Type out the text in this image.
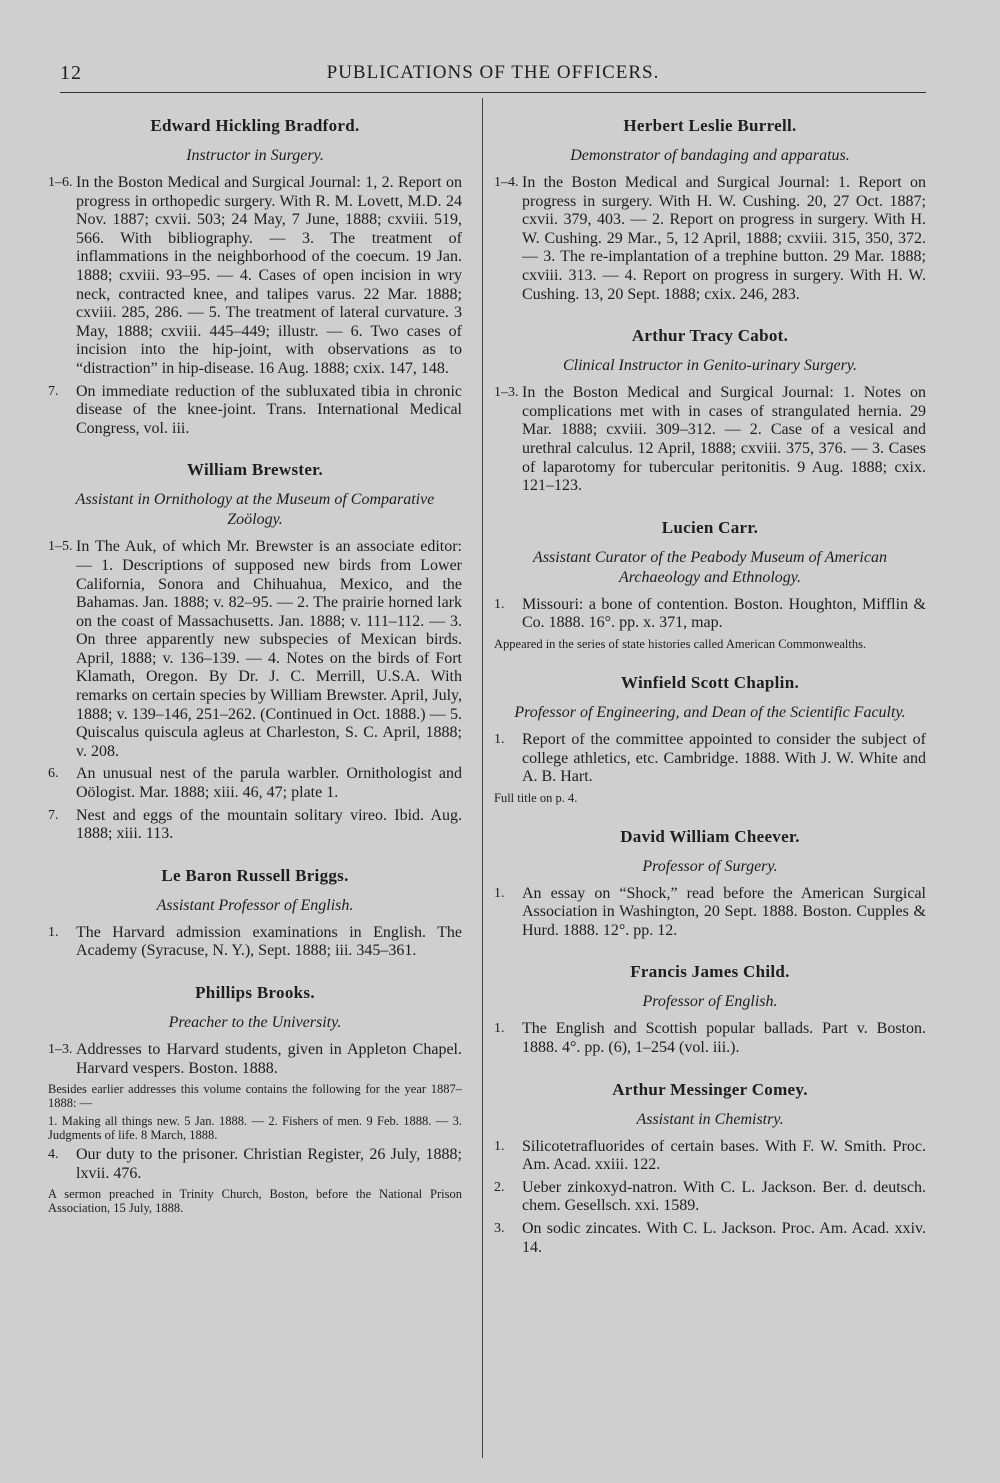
12	PUBLICATIONS OF THE OFFICERS.
Edward Hickling Bradford.
Instructor in Surgery.
1–6. In the Boston Medical and Surgical Journal: 1, 2. Report on progress in orthopedic surgery. With R. M. Lovett, M.D. 24 Nov. 1887; cxvii. 503; 24 May, 7 June, 1888; cxviii. 519, 566. With bibliography. — 3. The treatment of inflammations in the neighborhood of the coecum. 19 Jan. 1888; cxviii. 93–95. — 4. Cases of open incision in wry neck, contracted knee, and talipes varus. 22 Mar. 1888; cxviii. 285, 286. — 5. The treatment of lateral curvature. 3 May, 1888; cxviii. 445–449; illustr. — 6. Two cases of incision into the hip-joint, with observations as to “distraction” in hip-disease. 16 Aug. 1888; cxix. 147, 148.
7. On immediate reduction of the subluxated tibia in chronic disease of the knee-joint. Trans. International Medical Congress, vol. iii.
William Brewster.
Assistant in Ornithology at the Museum of Comparative Zoölogy.
1–5. In The Auk, of which Mr. Brewster is an associate editor: — 1. Descriptions of supposed new birds from Lower California, Sonora and Chihuahua, Mexico, and the Bahamas. Jan. 1888; v. 82–95. — 2. The prairie horned lark on the coast of Massachusetts. Jan. 1888; v. 111–112. — 3. On three apparently new subspecies of Mexican birds. April, 1888; v. 136–139. — 4. Notes on the birds of Fort Klamath, Oregon. By Dr. J. C. Merrill, U.S.A. With remarks on certain species by William Brewster. April, July, 1888; v. 139–146, 251–262. (Continued in Oct. 1888.) — 5. Quiscalus quiscula agleus at Charleston, S. C. April, 1888; v. 208.
6. An unusual nest of the parula warbler. Ornithologist and Oölogist. Mar. 1888; xiii. 46, 47; plate 1.
7. Nest and eggs of the mountain solitary vireo. Ibid. Aug. 1888; xiii. 113.
Le Baron Russell Briggs.
Assistant Professor of English.
1. The Harvard admission examinations in English. The Academy (Syracuse, N. Y.), Sept. 1888; iii. 345–361.
Phillips Brooks.
Preacher to the University.
1–3. Addresses to Harvard students, given in Appleton Chapel. Harvard vespers. Boston. 1888.
Besides earlier addresses this volume contains the following for the year 1887–1888: —
1. Making all things new. 5 Jan. 1888. — 2. Fishers of men. 9 Feb. 1888. — 3. Judgments of life. 8 March, 1888.
4. Our duty to the prisoner. Christian Register, 26 July, 1888; lxvii. 476.
A sermon preached in Trinity Church, Boston, before the National Prison Association, 15 July, 1888.
Herbert Leslie Burrell.
Demonstrator of bandaging and apparatus.
1–4. In the Boston Medical and Surgical Journal: 1. Report on progress in surgery. With H. W. Cushing. 20, 27 Oct. 1887; cxvii. 379, 403. — 2. Report on progress in surgery. With H. W. Cushing. 29 Mar., 5, 12 April, 1888; cxviii. 315, 350, 372. — 3. The re-implantation of a trephine button. 29 Mar. 1888; cxviii. 313. — 4. Report on progress in surgery. With H. W. Cushing. 13, 20 Sept. 1888; cxix. 246, 283.
Arthur Tracy Cabot.
Clinical Instructor in Genito-urinary Surgery.
1–3. In the Boston Medical and Surgical Journal: 1. Notes on complications met with in cases of strangulated hernia. 29 Mar. 1888; cxviii. 309–312. — 2. Case of a vesical and urethral calculus. 12 April, 1888; cxviii. 375, 376. — 3. Cases of laparotomy for tubercular peritonitis. 9 Aug. 1888; cxix. 121–123.
Lucien Carr.
Assistant Curator of the Peabody Museum of American Archaeology and Ethnology.
1. Missouri: a bone of contention. Boston. Houghton, Mifflin & Co. 1888. 16°. pp. x. 371, map.
Appeared in the series of state histories called American Commonwealths.
Winfield Scott Chaplin.
Professor of Engineering, and Dean of the Scientific Faculty.
1. Report of the committee appointed to consider the subject of college athletics, etc. Cambridge. 1888. With J. W. White and A. B. Hart.
Full title on p. 4.
David William Cheever.
Professor of Surgery.
1. An essay on “Shock,” read before the American Surgical Association in Washington, 20 Sept. 1888. Boston. Cupples & Hurd. 1888. 12°. pp. 12.
Francis James Child.
Professor of English.
1. The English and Scottish popular ballads. Part v. Boston. 1888. 4°. pp. (6), 1–254 (vol. iii.).
Arthur Messinger Comey.
Assistant in Chemistry.
1. Silicotetrafluorides of certain bases. With F. W. Smith. Proc. Am. Acad. xxiii. 122.
2. Ueber zinkoxyd-natron. With C. L. Jackson. Ber. d. deutsch. chem. Gesellsch. xxi. 1589.
3. On sodic zincates. With C. L. Jackson. Proc. Am. Acad. xxiv. 14.
